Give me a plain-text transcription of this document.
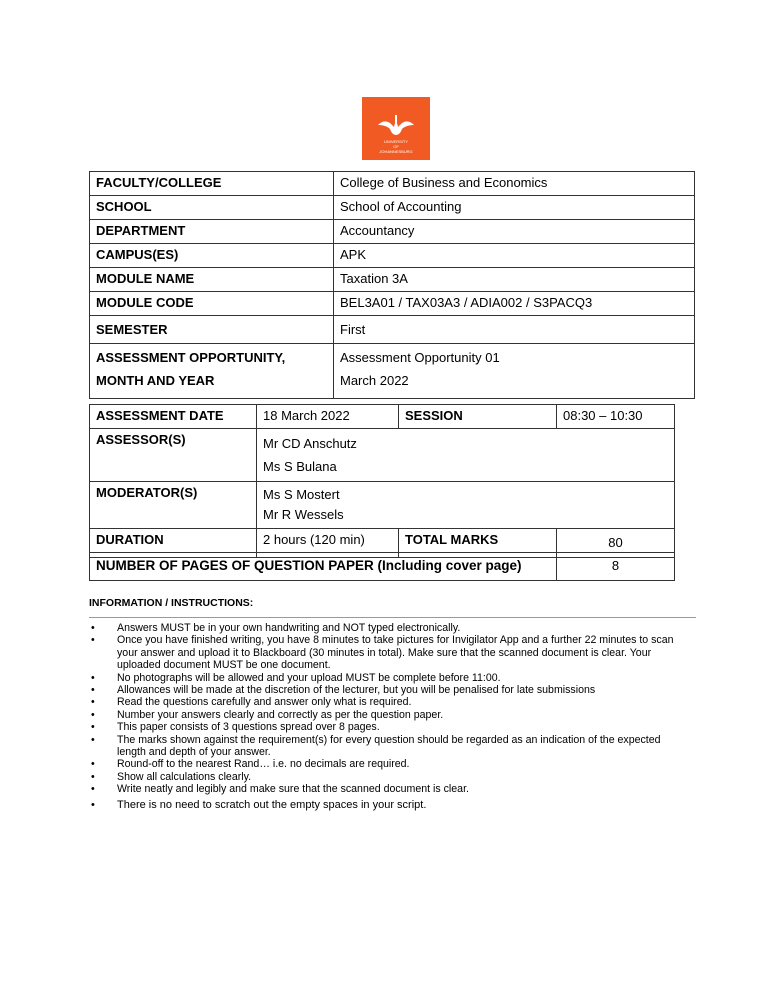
UNIVERSITY
OF
JOHANNESBURG
FACULTY/COLLEGE	College of Business and Economics
SCHOOL	School of Accounting
DEPARTMENT	Accountancy
CAMPUS(ES)	APK
MODULE NAME	Taxation 3A
MODULE CODE	BEL3A01 / TAX03A3 / ADIA002 / S3PACQ3
SEMESTER	First
ASSESSMENT OPPORTUNITY,	Assessment Opportunity 01
MONTH AND YEAR	March 2022
ASSESSMENT DATE	18 March 2022	SESSION	08:30 – 10:30
ASSESSOR(S)	Mr CD Anschutz
Ms S Bulana		

MODERATOR(S)	Ms S Mostert
Mr R Wessels		

DURATION	2 hours (120 min)	TOTAL MARKS	80
NUMBER OF PAGES OF QUESTION PAPER (Including cover page)	8
INFORMATION / INSTRUCTIONS:
• Answers MUST be in your own handwriting and NOT typed electronically.
• Once you have finished writing, you have 8 minutes to take pictures for Invigilator App and a further 22 minutes to scan your answer and upload it to Blackboard (30 minutes in total). Make sure that the scanned document is clear. Your uploaded document MUST be one document.
• No photographs will be allowed and your upload MUST be complete before 11:00.
• Allowances will be made at the discretion of the lecturer, but you will be penalised for late submissions
• Read the questions carefully and answer only what is required.
• Number your answers clearly and correctly as per the question paper.
• This paper consists of 3 questions spread over 8 pages.
• The marks shown against the requirement(s) for every question should be regarded as an indication of the expected length and depth of your answer.
• Round-off to the nearest Rand… i.e. no decimals are required.
• Show all calculations clearly.
• Write neatly and legibly and make sure that the scanned document is clear.
• There is no need to scratch out the empty spaces in your script.
